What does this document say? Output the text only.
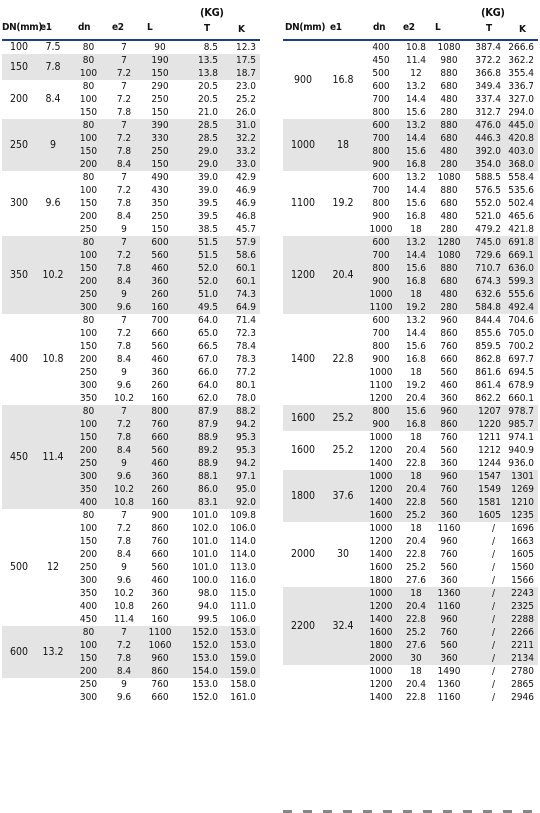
DN(mm)
e1	dn e2 L
(KG)
T	K
100	7.5	80	7	90	8.5	12.3
150	7.8	80	7	190	13.5	17.5
		100	7.2	150	13.8	18.7
200	8.4	80	7	290	20.5	23.0
		100	7.2	250	20.5	25.2
		150	7.8	150	21.0	26.0
250	9	80	7	390	28.5	31.0
		100	7.2	330	28.5	32.2
		150	7.8	250	29.0	33.2
		200	8.4	150	29.0	33.0
300	9.6	80	7	490	39.0	42.9
		100	7.2	430	39.0	46.9
		150	7.8	350	39.5	46.9
		200	8.4	250	39.5	46.8
		250	9	150	38.5	45.7
350	10.2	80	7	600	51.5	57.9
		100	7.2	560	51.5	58.6
		150	7.8	460	52.0	60.1
		200	8.4	360	52.0	60.1
		250	9	260	51.0	74.3
		300	9.6	160	49.5	64.9
400	10.8	80	7	700	64.0	71.4
		100	7.2	660	65.0	72.3
		150	7.8	560	66.5	78.4
		200	8.4	460	67.0	78.3
		250	9	360	66.0	77.2
		300	9.6	260	64.0	80.1
		350	10.2	160	62.0	78.0
450	11.4	80	7	800	87.9	88.2
		100	7.2	760	87.9	94.2
		150	7.8	660	88.9	95.3
		200	8.4	560	89.2	95.3
		250	9	460	88.9	94.2
		300	9.6	360	88.1	97.1
		350	10.2	260	86.0	95.0
		400	10.8	160	83.1	92.0
500	12	80	7	900	101.0	109.8
		100	7.2	860	102.0	106.0
		150	7.8	760	101.0	114.0
		200	8.4	660	101.0	114.0
		250	9	560	101.0	113.0
		300	9.6	460	100.0	116.0
		350	10.2	360	98.0	115.0
		400	10.8	260	94.0	111.0
		450	11.4	160	99.5	106.0
600	13.2	80	7	1100	152.0	153.0
		100	7.2	1060	152.0	153.0
		150	7.8	960	153.0	159.0
		200	8.4	860	154.0	159.0
		250	9	760	153.0	158.0
		300	9.6	660	152.0	161.0
DN(mm) e1	dn e2 L
(KG)
T	K
900	16.8	400	10.8	1080	387.4	266.6
		450	11.4	980	372.2	362.2
		500	12	880	366.8	355.4
		600	13.2	680	349.4	336.7
		700	14.4	480	337.4	327.0
		800	15.6	280	312.7	294.0
1000	18	600	13.2	880	476.0	445.0
		700	14.4	680	446.3	420.8
		800	15.6	480	392.0	403.0
		900	16.8	280	354.0	368.0
1100	19.2	600	13.2	1080	588.5	558.4
		700	14.4	880	576.5	535.6
		800	15.6	680	552.0	502.4
		900	16.8	480	521.0	465.6
		1000	18	280	479.2	421.8
1200	20.4	600	13.2	1280	745.0	691.8
		700	14.4	1080	729.6	669.1
		800	15.6	880	710.7	636.0
		900	16.8	680	674.3	599.3
		1000	18	480	632.6	555.6
		1100	19.2	280	584.8	492.4
1400	22.8	600	13.2	960	844.4	704.6
		700	14.4	860	855.6	705.0
		800	15.6	760	859.5	700.2
		900	16.8	660	862.8	697.7
		1000	18	560	861.6	694.5
		1100	19.2	460	861.4	678.9
		1200	20.4	360	862.2	660.1
1600	25.2	800	15.6	960	1207	978.7
		900	16.8	860	1220	985.7
1600	25.2	1000	18	760	1211	974.1
		1200	20.4	560	1212	940.9
		1400	22.8	360	1244	936.0
1800	37.6	1000	18	960	1547	1301
		1200	20.4	760	1549	1269
		1400	22.8	560	1581	1210
		1600	25.2	360	1605	1235
2000	30	1000	18	1160	/	1696
		1200	20.4	960	/	1663
		1400	22.8	760	/	1605
		1600	25.2	560	/	1560
		1800	27.6	360	/	1566
2200	32.4	1000	18	1360	/	2243
		1200	20.4	1160	/	2325
		1400	22.8	960	/	2288
		1600	25.2	760	/	2266
		1800	27.6	560	/	2211
		2000	30	360	/	2134
		1000	18	1490	/	2780
		1200	20.4	1360	/	2865
		1400	22.8	1160	/	2946
